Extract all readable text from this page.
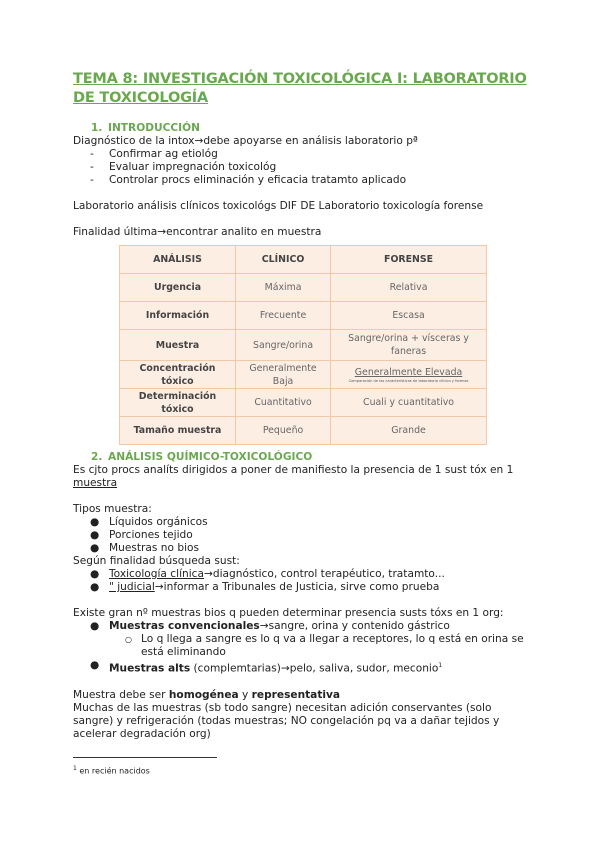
TEMA 8: INVESTIGACIÓN TOXICOLÓGICA I: LABORATORIO DE TOXICOLOGÍA
1. INTRODUCCIÓN

Diagnóstico de la intox→debe apoyarse en análisis laboratorio pª

- Confirmar ag etiológ
- Evaluar impregnación toxicológ
- Controlar procs eliminación y eficacia tratamto aplicado

Laboratorio análisis clínicos toxicológs DIF DE Laboratorio toxicología forense

Finalidad última→encontrar analito en muestra

ANÁLISIS	CLÍNICO	FORENSE
Urgencia	Máxima	Relativa
Información	Frecuente	Escasa
Muestra	Sangre/orina	Sangre/orina + vísceras y faneras
Concentración tóxico	Generalmente Baja	Generalmente Elevada
Comparación de las características de laboratorio clínico y forense

Determinación tóxico	Cuantitativo	Cuali y cuantitativo
Tamaño muestra	Pequeño	Grande
2. ANÁLISIS QUÍMICO-TOXICOLÓGICO

Es cjto procs analíts dirigidos a poner de manifiesto la presencia de 1 sust tóx en 1 muestra

Tipos muestra:

● Líquidos orgánicos
● Porciones tejido
● Muestras no bios

Según finalidad búsqueda sust:

● Toxicología clínica→diagnóstico, control terapéutico, tratamto...
● " judicial→informar a Tribunales de Justicia, sirve como prueba

Existe gran nº muestras bios q pueden determinar presencia susts tóxs en 1 org:

● Muestras convencionales→sangre, orina y contenido gástrico
○ Lo q llega a sangre es lo q va a llegar a receptores, lo q está en orina se está eliminando
● Muestras alts (complemtarias)→pelo, saliva, sudor, meconio$^1$

Muestra debe ser homogénea y representativa

Muchas de las muestras (sb todo sangre) necesitan adición conservantes (solo sangre) y refrigeración (todas muestras; NO congelación pq va a dañar tejidos y acelerar degradación org)

$^1$ en recién nacidos
